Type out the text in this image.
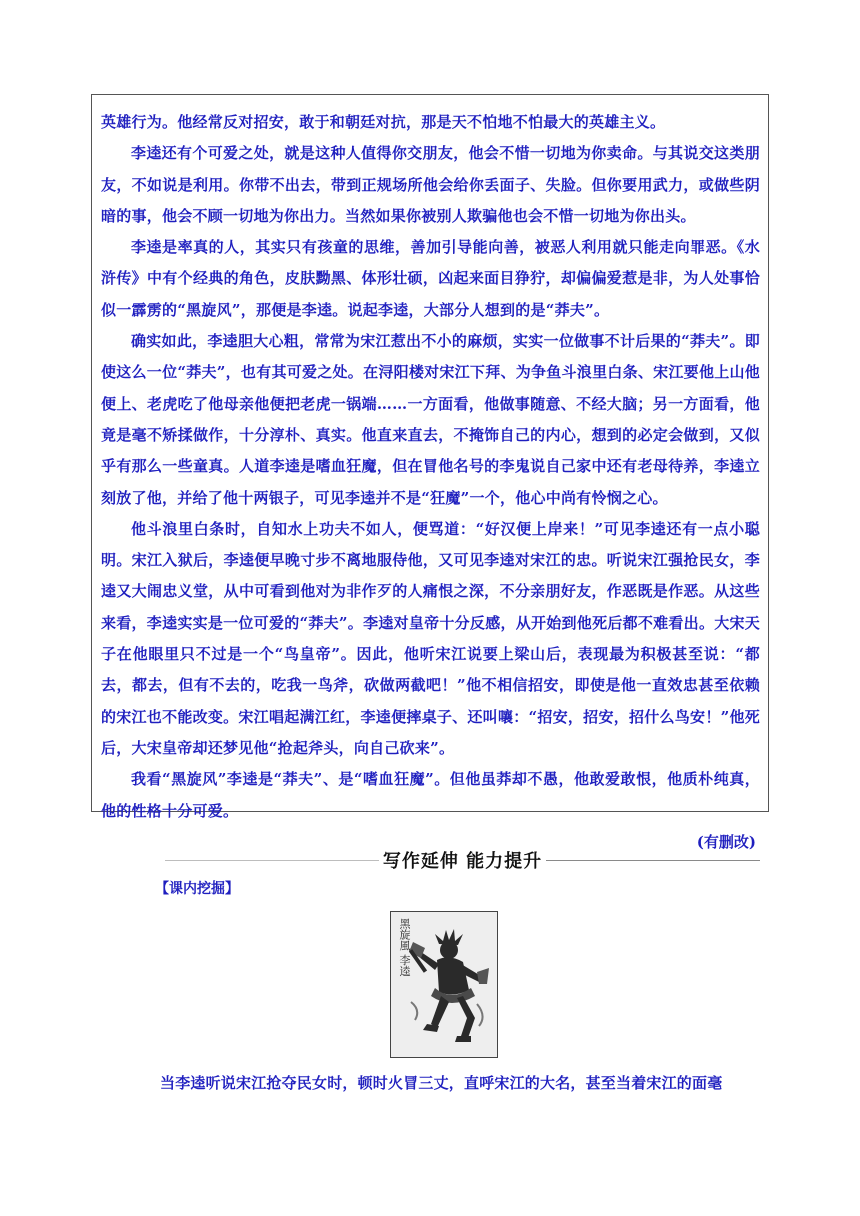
英雄行为。他经常反对招安，敢于和朝廷对抗，那是天不怕地不怕最大的英雄主义。

李逵还有个可爱之处，就是这种人值得你交朋友，他会不惜一切地为你卖命。与其说交这类朋友，不如说是利用。你带不出去，带到正规场所他会给你丢面子、失脸。但你要用武力，或做些阴暗的事，他会不顾一切地为你出力。当然如果你被别人欺骗他也会不惜一切地为你出头。

李逵是率真的人，其实只有孩童的思维，善加引导能向善，被恶人利用就只能走向罪恶。《水浒传》中有个经典的角色，皮肤黝黑、体形壮硕，凶起来面目狰狞，却偏偏爱惹是非，为人处事恰似一霹雳的“黑旋风”，那便是李逵。说起李逵，大部分人想到的是“莽夫”。

确实如此，李逵胆大心粗，常常为宋江惹出不小的麻烦，实实一位做事不计后果的“莽夫”。即使这么一位“莽夫”，也有其可爱之处。在浔阳楼对宋江下拜、为争鱼斗浪里白条、宋江要他上山他便上、老虎吃了他母亲他便把老虎一锅端……一方面看，他做事随意、不经大脑；另一方面看，他竟是毫不矫揉做作，十分淳朴、真实。他直来直去，不掩饰自己的内心，想到的必定会做到，又似乎有那么一些童真。人道李逵是嗜血狂魔，但在冒他名号的李鬼说自己家中还有老母待养，李逵立刻放了他，并给了他十两银子，可见李逵并不是“狂魔”一个，他心中尚有怜悯之心。

他斗浪里白条时，自知水上功夫不如人，便骂道：“好汉便上岸来！”可见李逵还有一点小聪明。宋江入狱后，李逵便早晚寸步不离地服侍他，又可见李逵对宋江的忠。听说宋江强抢民女，李逵又大闹忠义堂，从中可看到他对为非作歹的人痛恨之深，不分亲朋好友，作恶既是作恶。从这些来看，李逵实实是一位可爱的“莽夫”。李逵对皇帝十分反感，从开始到他死后都不难看出。大宋天子在他眼里只不过是一个“鸟皇帝”。因此，他听宋江说要上梁山后，表现最为积极甚至说：“都去，都去，但有不去的，吃我一鸟斧，砍做两截吧！”他不相信招安，即使是他一直效忠甚至依赖的宋江也不能改变。宋江唱起满江红，李逵便摔桌子、还叫嚷：“招安，招安，招什么鸟安！”他死后，大宋皇帝却还梦见他“抢起斧头，向自己砍来”。

我看“黑旋风”李逵是“莽夫”、是“嗜血狂魔”。但他虽莽却不愚，他敢爱敢恨，他质朴纯真，他的性格十分可爱。

(有删改)

写作延伸 能力提升
【课内挖掘】
黑旋風 李逵
当李逵听说宋江抢夺民女时，顿时火冒三丈，直呼宋江的大名，甚至当着宋江的面毫
